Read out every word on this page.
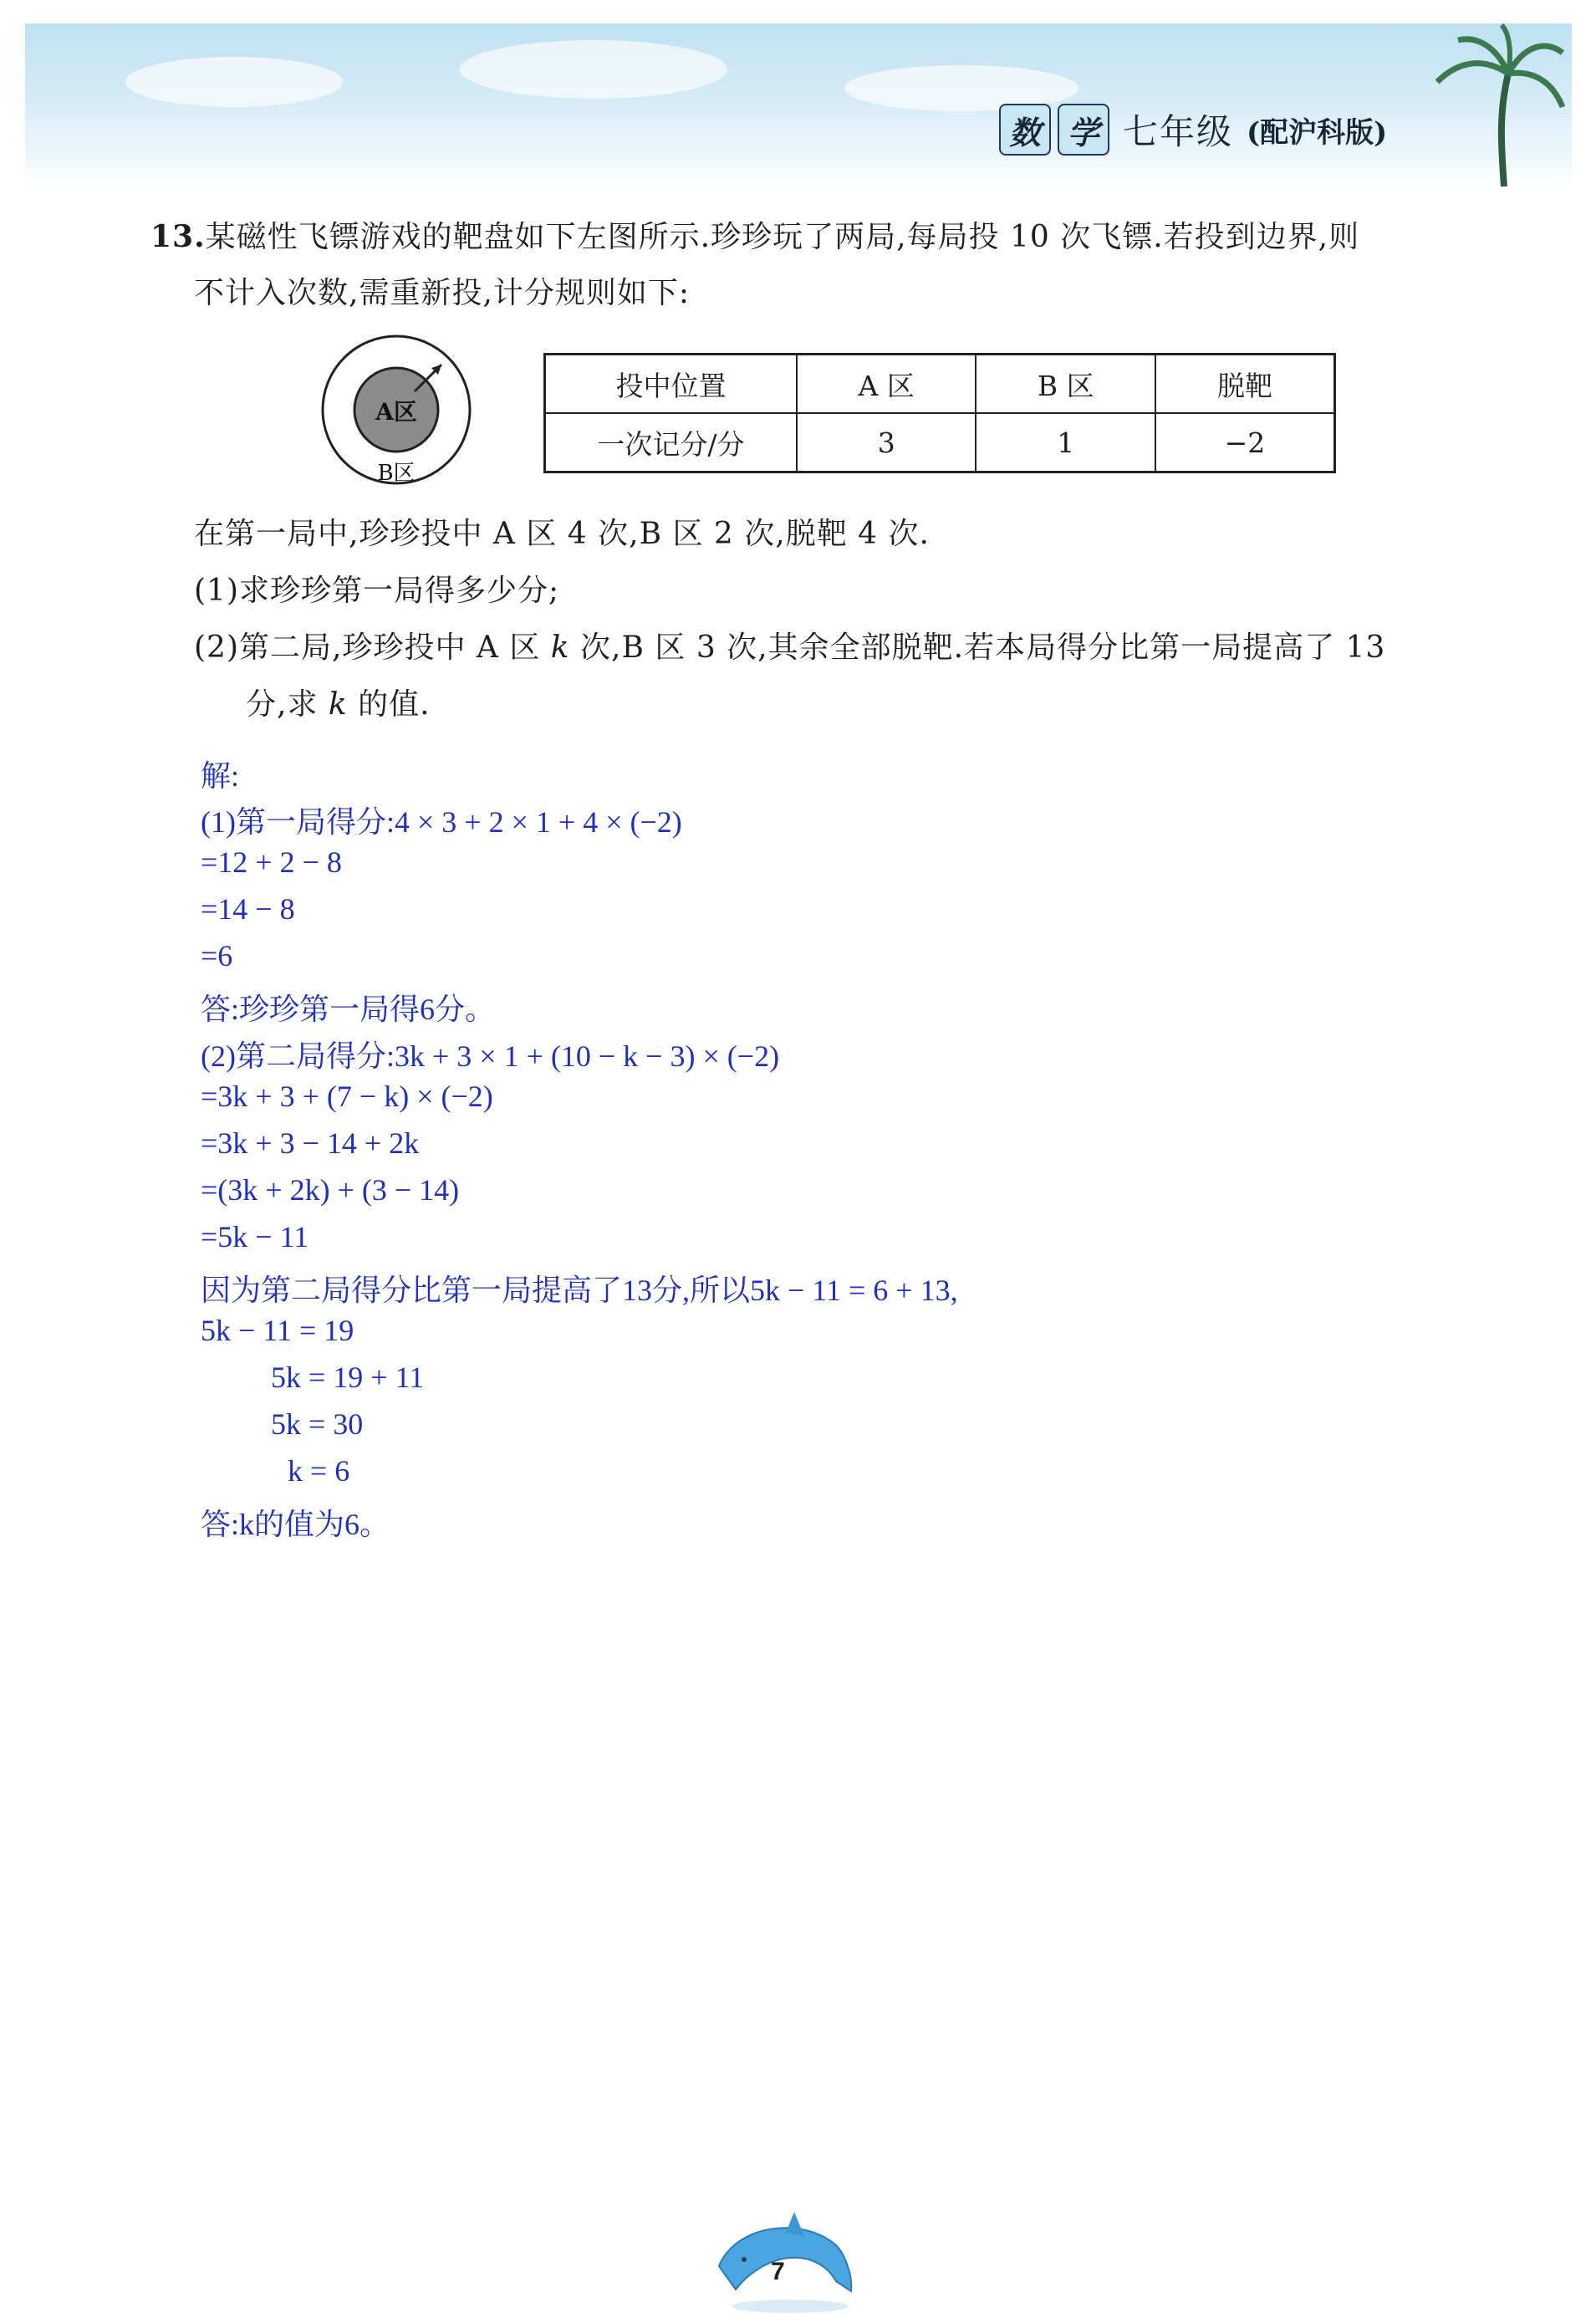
数 学 七年级 (配沪科版)
13.某磁性飞镖游戏的靶盘如下左图所示.珍珍玩了两局,每局投 10 次飞镖.若投到边界,则
不计入次数,需重新投,计分规则如下:
A区
B区
投中位置	A 区	B 区	脱靶
一次记分/分	3	1	−2
在第一局中,珍珍投中 A 区 4 次,B 区 2 次,脱靶 4 次.
(1)求珍珍第一局得多少分;
(2)第二局,珍珍投中 A 区 k 次,B 区 3 次,其余全部脱靶.若本局得分比第一局提高了 13
分,求 k 的值.
解:
(1)第一局得分:4 × 3 + 2 × 1 + 4 × (−2)
=12 + 2 − 8
=14 − 8
=6
答:珍珍第一局得6分。
(2)第二局得分:3k + 3 × 1 + (10 − k − 3) × (−2)
=3k + 3 + (7 − k) × (−2)
=3k + 3 − 14 + 2k
=(3k + 2k) + (3 − 14)
=5k − 11
因为第二局得分比第一局提高了13分,所以5k − 11 = 6 + 13,
5k − 11 = 19
5k = 19 + 11
5k = 30
k = 6
答:k的值为6。
7
